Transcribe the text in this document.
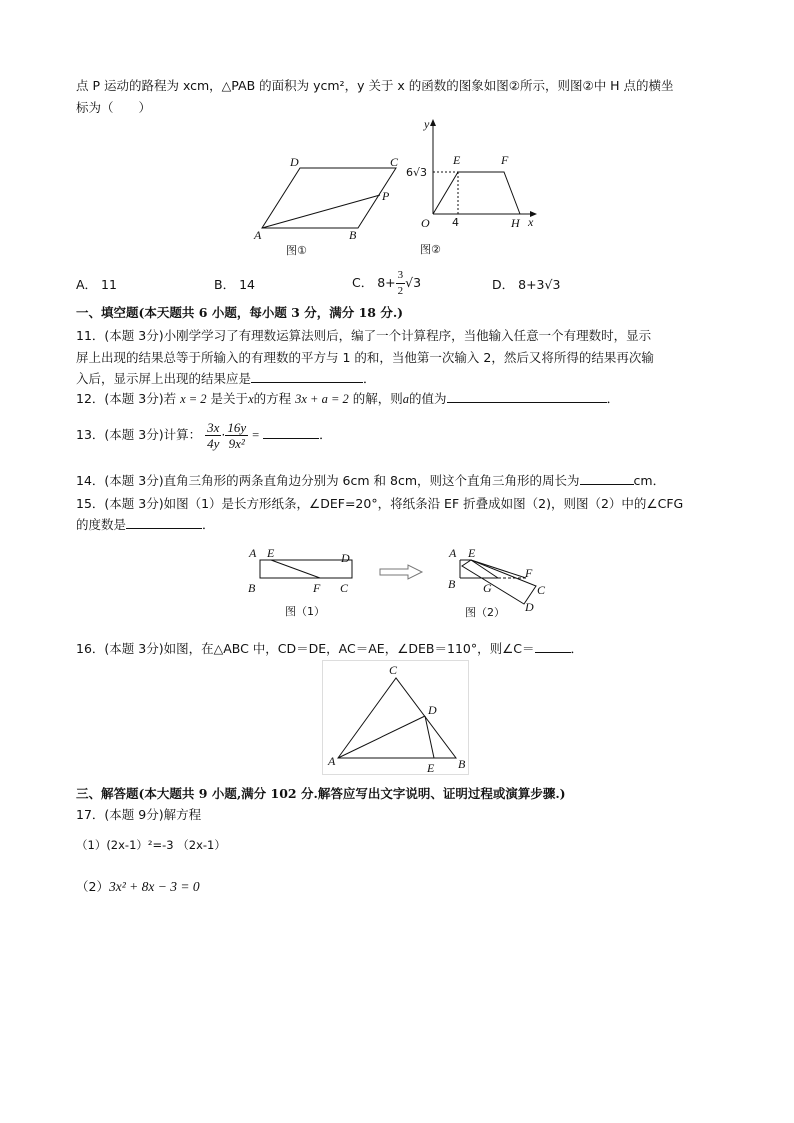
点 P 运动的路程为 xcm，△PAB 的面积为 ycm²，y 关于 x 的函数的图象如图②所示，则图②中 H 点的横坐
标为（　　）
D	C
P
A	B
图①
y
x
O
E	F
H
4
6√3
图②
A． 11	B． 14	C． $8+ \frac{3}{2} √3$	D． 8+3√3
一、填空题(本天题共 6 小题，每小题 3 分，满分 18 分.)
11．(本题 3分)小刚学学习了有理数运算法则后，编了一个计算程序，当他输入任意一个有理数时，显示
屏上出现的结果总等于所输入的有理数的平方与 1 的和，当他第一次输入 2，然后又将所得的结果再次输
入后，显示屏上出现的结果应是	．
12．(本题 3分)若 x = 2 是关于x的方程 3x + a = 2 的解，则a的值为	．
13．(本题 3分)计算： $\frac{3x}{4y} \cdot \frac{16y}{\text{9x²}}$ =	．
14．(本题 3分)直角三角形的两条直角边分别为 6cm 和 8cm，则这个直角三角形的周长为	cm．
15．(本题 3分)如图（1）是长方形纸条，∠DEF=20°，将纸条沿 EF 折叠成如图（2)，则图（2）中的∠CFG
的度数是	．
A E	D
B	F C
图（1）
A E
B G
F
C
D
图（2）
16．(本题 3分)如图，在△ABC 中，CD＝DE，AC＝AE，∠DEB＝110°，则∠C＝	．
C
D
A	E B
三、解答题(本大题共 9 小题,满分 102 分.解答应写出文字说明、证明过程或演算步骤.)
17．(本题 9分)解方程
（1）(2x-1）²=-3 （2x-1）
（2）3x² + 8x − 3 = 0
